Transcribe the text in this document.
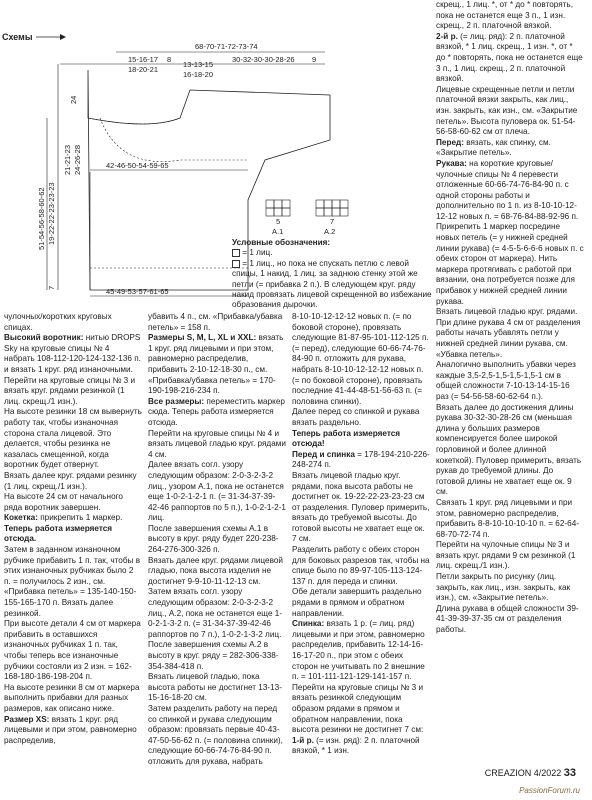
Схемы
68-70-71-72-73-74
15-16-17
18-20-21
8
13-13-15
16-18-20
30-32-30-30-28-26 9
24
21-21-23 24-26-28
51-54-56-58-60-62 19-22-22-23-23-23
7
42-46-50-54-59-65
45-49-53-57-61-65
5
A.1
7
A.2

Условные обозначения:

= 1 лиц.

= 1 лиц., но пока не спускать петлю с левой спицы, 1 накид, 1 лиц. за заднюю стенку этой же петли (= прибавка 2 п.). В следующем круг. ряду накид провязать лицевой скрещенной во избежание образования дырочки.

скрещ., 1 лиц. *, от * до * повторять, пока не останется еще 3 п., 1 изн. скрещ., 2 п. платочной вязкой.

2-й р. (= лиц. ряд): 2 п. платочной вязкой, * 1 лиц. скрещ., 1 изн. *, от * до * повторять, пока не останется еще 3 п., 1 лиц. скрещ., 2 п. платочной вязкой.

Лицевые скрещенные петли и петли платочной вязки закрыть, как лиц., изн. закрыть, как изн., см. «Закрытие петель». Высота пуловера ок. 51-54-56-58-60-62 см от плеча.

Перед: вязать, как спинку, см. «Закрытие петель».

Рукава: на короткие круговые/чулочные спицы № 4 перевести отложенные 60-66-74-76-84-90 п. с одной стороны работы и дополнительно по 1 п. из 8-10-10-12-12-12 новых п. = 68-76-84-88-92-96 п.

Прикрепить 1 маркер посредине новых петель (= у нижней средней линии рукава) (= 4-5-5-6-6-6 новых п. с обеих сторон от маркера). Нить маркера протягивать с работой при вязании, она потребуется позже для прибавок у нижней средней линии рукава.

Вязать лицевой гладью круг. рядами.

При длине рукава 4 см от разделения работы начать убавлять петли у нижней средней линии рукава, см. «Убавка петель».

Аналогично выполнить убавки через каждые 3,5-2,5-1,5-1,5-1,5-1 см в общей сложности 7-10-13-14-15-16 раз (= 54-56-58-60-62-64 п.).

Вязать далее до достижения длины рукава 30-32-30-28-26 см (меньшая длина у больших размеров компенсируется более широкой горловиной и более длинной кокеткой). Пуловер примерить, вязать рукав до требуемой длины. До готовой длины не хватает еще ок. 9 см.

Связать 1 круг. ряд лицевыми и при этом, равномерно распределив, прибавить 8-8-10-10-10-10 п. = 62-64-68-70-72-74 п.

Перейти на чулочные спицы № 3 и вязать круг. рядами 9 см резинкой (1 лиц. скрещ./1 изн.).

Петли закрыть по рисунку (лиц. закрыть, как лиц., изн. закрыть, как изн.), см. «Закрытие петель».

Длина рукава в общей сложности 39-41-39-39-37-35 см от разделения работы.

чулочных/коротких круговых спицах.

Высокий воротник: нитью DROPS Sky на круговые спицы № 4 набрать 108-112-120-124-132-136 п. и вязать 1 круг. ряд изнаночными.

Перейти на круговые спицы № 3 и вязать круг. рядами резинкой (1 лиц. скрещ./1 изн.).

На высоте резинки 18 см вывернуть работу так, чтобы изнаночная сторона стала лицевой. Это делается, чтобы резинка не казалась смещенной, когда воротник будет отвернут.

Вязать далее круг. рядами резинку (1 лиц. скрещ./1 изн.).

На высоте 24 см от начального ряда воротник завершен.

Кокетка: прикрепить 1 маркер.

Теперь работа измеряется отсюда.

Затем в заданном изнаночном рубчике прибавить 1 п. так, чтобы в этих изнаночных рубчиках было 2 п. = получилось 2 изн., см. «Прибавка петель» = 135-140-150-155-165-170 п. Вязать далее резинкой.

При высоте детали 4 см от маркера прибавить в оставшихся изнаночных рубчиках 1 п. так, чтобы теперь все изнаночные рубчики состояли из 2 изн. = 162-168-180-186-198-204 п.

На высоте резинки 8 см от маркера выполнить прибавки для разных размеров, как описано ниже.

Размер XS: вязать 1 круг. ряд лицевыми и при этом, равномерно распределив,

убавить 4 п., см. «Прибавка/убавка петель» = 158 п.

Размеры S, M, L, XL и XXL: вязать 1 круг. ряд лицевыми и при этом, равномерно распределив, прибавить 2-10-12-18-30 п., см. «Прибавка/убавка петель» = 170-190-198-216-234 п.

Все размеры: переместить маркер сюда. Теперь работа измеряется отсюда.

Перейти на круговые спицы № 4 и вязать лицевой гладью круг. рядами 4 см.

Далее вязать согл. узору следующим образом: 2-0-3-2-3-2 лиц., узором A.1, пока не останется еще 1-0-2-1-2-1 п. (= 31-34-37-39-42-46 раппортов по 5 п.), 1-0-2-1-2-1 лиц.

После завершения схемы A.1 в высоту в круг. ряду будет 220-238-264-276-300-326 п.

Вязать далее круг. рядами лицевой гладью, пока высота изделия не достигнет 9-9-10-11-12-13 см.

Затем вязать согл. узору следующим образом: 2-0-3-2-3-2 лиц., A.2, пока не останется еще 1-0-2-1-3-2 п. (= 31-34-37-39-42-46 раппортов по 7 п.), 1-0-2-1-3-2 лиц.

После завершения схемы A.2 в высоту в круг. ряду = 282-306-338-354-384-418 п.

Вязать лицевой гладью, пока высота работы не достигнет 13-13-15-16-18-20 см.

Затем разделить работу на перед со спинкой и рукава следующим образом: провязать первые 40-43-47-50-56-62 п. (= половина спинки), следующие 60-66-74-76-84-90 п. отложить для рукава, набрать

8-10-10-12-12-12 новых п. (= по боковой стороне), провязать следующие 81-87-95-101-112-125 п. (= перед), следующие 60-66-74-76-84-90 п. отложить для рукава, набрать 8-10-10-12-12-12 новых п. (= по боковой стороне), провязать последние 41-44-48-51-56-63 п. (= половина спинки).

Далее перед со спинкой и рукава вязать раздельно.

Теперь работа измеряется отсюда!

Перед и спинка = 178-194-210-226-248-274 п.

Вязать лицевой гладью круг. рядами, пока высота работы не достигнет ок. 19-22-22-23-23-23 см от разделения. Пуловер примерить, вязать до требуемой высоты. До готовой высоты не хватает еще ок. 7 см.

Разделить работу с обеих сторон для боковых разрезов так, чтобы на спице было по 89-97-105-113-124-137 п. для переда и спинки.

Обе детали завершить раздельно рядами в прямом и обратном направлении.

Спинка: вязать 1 р. (= лиц. ряд) лицевыми и при этом, равномерно распределив, прибавить 12-14-16-16-17-20 п., при этом с обеих сторон не учитывать по 2 внешние п. = 101-111-121-129-141-157 п.

Перейти на круговые спицы № 3 и вязать резинкой следующим образом рядами в прямом и обратном направлении, пока высота резинки не достигнет 7 см:

1-й р. (= изн. ряд): 2 п. платочной вязкой, * 1 изн.

CREAZION 4/2022 33
PassionForum.ru
